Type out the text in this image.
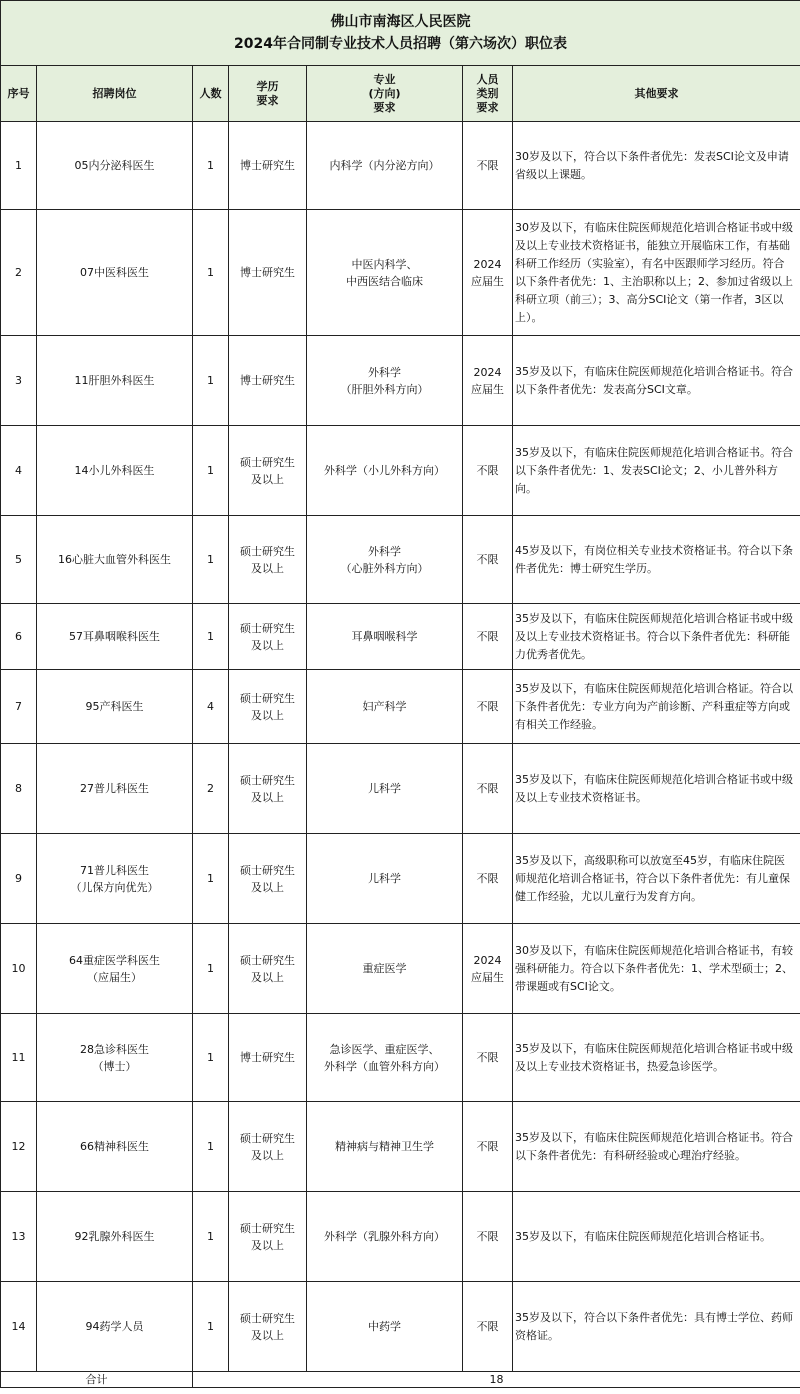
佛山市南海区人民医院
2024年合同制专业技术人员招聘（第六场次）职位表						

序号	招聘岗位	人数	学历
要求	专业
(方向)
要求	人员
类别
要求	其他要求
1	05内分泌科医生	1	博士研究生	内科学（内分泌方向）	不限	30岁及以下，符合以下条件者优先：发表SCI论文及申请省级以上课题。
2	07中医科医生	1	博士研究生	中医内科学、
中西医结合临床	2024
应届生	30岁及以下，有临床住院医师规范化培训合格证书或中级及以上专业技术资格证书，能独立开展临床工作，有基础科研工作经历（实验室），有名中医跟师学习经历。符合以下条件者优先：1、主治职称以上；2、参加过省级以上科研立项（前三）；3、高分SCI论文（第一作者，3区以上）。
3	11肝胆外科医生	1	博士研究生	外科学
（肝胆外科方向）	2024
应届生	35岁及以下，有临床住院医师规范化培训合格证书。符合以下条件者优先：发表高分SCI文章。
4	14小儿外科医生	1	硕士研究生
及以上	外科学（小儿外科方向）	不限	35岁及以下，有临床住院医师规范化培训合格证书。符合以下条件者优先：1、发表SCI论文；2、小儿普外科方向。
5	16心脏大血管外科医生	1	硕士研究生
及以上	外科学
（心脏外科方向）	不限	45岁及以下，有岗位相关专业技术资格证书。符合以下条件者优先：博士研究生学历。
6	57耳鼻咽喉科医生	1	硕士研究生
及以上	耳鼻咽喉科学	不限	35岁及以下，有临床住院医师规范化培训合格证书或中级及以上专业技术资格证书。符合以下条件者优先：科研能力优秀者优先。
7	95产科医生	4	硕士研究生
及以上	妇产科学	不限	35岁及以下，有临床住院医师规范化培训合格证。符合以下条件者优先：专业方向为产前诊断、产科重症等方向或有相关工作经验。
8	27普儿科医生	2	硕士研究生
及以上	儿科学	不限	35岁及以下，有临床住院医师规范化培训合格证书或中级及以上专业技术资格证书。
9	71普儿科医生
（儿保方向优先）	1	硕士研究生
及以上	儿科学	不限	35岁及以下，高级职称可以放宽至45岁，有临床住院医师规范化培训合格证书，符合以下条件者优先：有儿童保健工作经验，尤以儿童行为发育方向。
10	64重症医学科医生
（应届生）	1	硕士研究生
及以上	重症医学	2024
应届生	30岁及以下，有临床住院医师规范化培训合格证书，有较强科研能力。符合以下条件者优先：1、学术型硕士；2、带课题或有SCI论文。
11	28急诊科医生
（博士）	1	博士研究生	急诊医学、重症医学、
外科学（血管外科方向）	不限	35岁及以下，有临床住院医师规范化培训合格证书或中级及以上专业技术资格证书，热爱急诊医学。
12	66精神科医生	1	硕士研究生
及以上	精神病与精神卫生学	不限	35岁及以下，有临床住院医师规范化培训合格证书。符合以下条件者优先：有科研经验或心理治疗经验。
13	92乳腺外科医生	1	硕士研究生
及以上	外科学（乳腺外科方向）	不限	35岁及以下，有临床住院医师规范化培训合格证书。
14	94药学人员	1	硕士研究生
及以上	中药学	不限	35岁及以下，符合以下条件者优先：具有博士学位、药师资格证。
合计		18				
